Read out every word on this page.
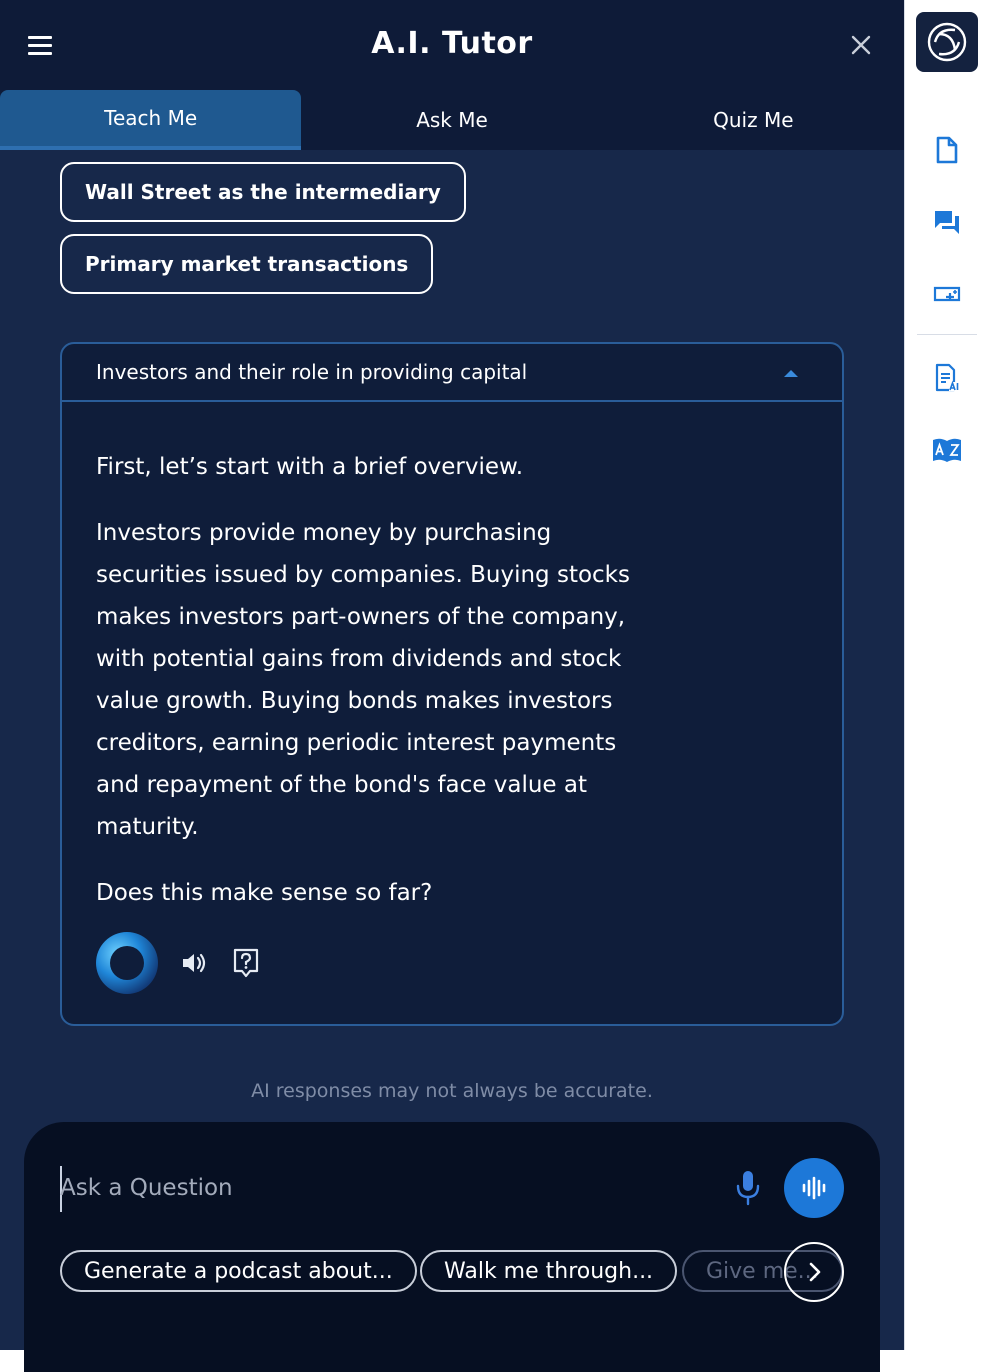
A.I. Tutor
Teach Me	Ask Me	Quiz Me
Wall Street as the intermediary
Primary market transactions
Investors and their role in providing capital

First, let’s start with a brief overview.

Investors provide money by purchasing securities issued by companies. Buying stocks makes investors part-owners of the company, with potential gains from dividends and stock value growth. Buying bonds makes investors creditors, earning periodic interest payments and repayment of the bond's face value at maturity.

Does this make sense so far?

AI responses may not always be accurate.
Ask a Question
Generate a podcast about...	Walk me through...	Give me...
